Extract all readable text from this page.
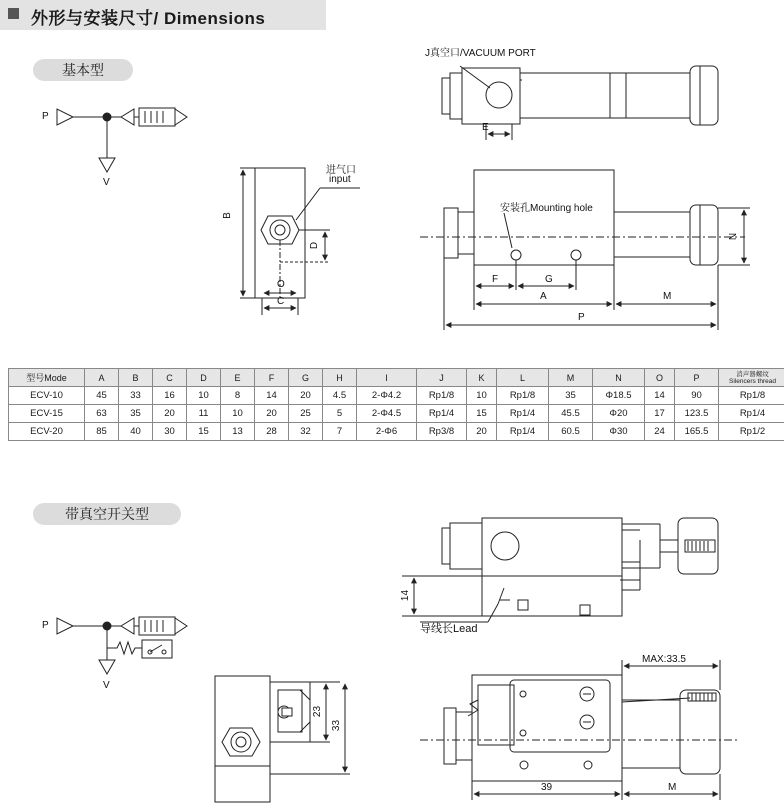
外形与安装尺寸/ Dimensions
基本型
带真空开关型
P
V
P
V
J真空口/VACUUM PORT
E
进气口
input
B
D
O
C
安装孔Mounting hole
N
F	G
A	M
P
14
导线长Lead
MAX:33.5
23
33
39	M
型号Mode	A	B	C	D	E	F	G	H	I	J	K	L	M	N	O	P	消声器螺纹
Silencers thread
ECV-10	45	33	16	10	8	14	20	4.5	2-Φ4.2	Rp1/8	10	Rp1/8	35	Φ18.5	14	90	Rp1/8
ECV-15	63	35	20	11	10	20	25	5	2-Φ4.5	Rp1/4	15	Rp1/4	45.5	Φ20	17	123.5	Rp1/4
ECV-20	85	40	30	15	13	28	32	7	2-Φ6	Rp3/8	20	Rp1/4	60.5	Φ30	24	165.5	Rp1/2
